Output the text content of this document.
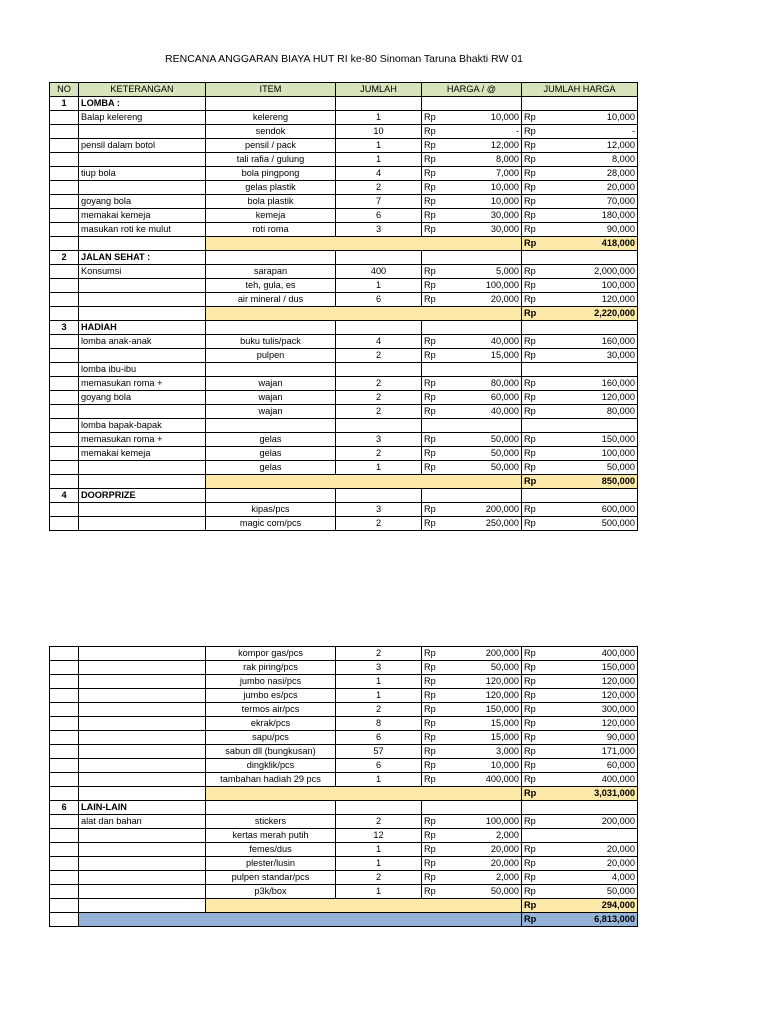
RENCANA ANGGARAN BIAYA HUT RI ke-80 Sinoman Taruna Bhakti RW 01
NO	KETERANGAN	ITEM	JUMLAH	HARGA / @		JUMLAH HARGA	
1	LOMBA :						
	Balap kelereng	kelereng	1	Rp	10,000	Rp	10,000
		sendok	10	Rp	-	Rp	-
	pensil dalam botol	pensil / pack	1	Rp	12,000	Rp	12,000
		tali rafia / gulung	1	Rp	8,000	Rp	8,000
	tiup bola	bola pingpong	4	Rp	7,000	Rp	28,000
		gelas plastik	2	Rp	10,000	Rp	20,000
	goyang bola	bola plastik	7	Rp	10,000	Rp	70,000
	memakai kemeja	kemeja	6	Rp	30,000	Rp	180,000
	masukan roti ke mulut	roti roma	3	Rp	30,000	Rp	90,000
						Rp	418,000
2	JALAN SEHAT :						
	Konsumsi	sarapan	400	Rp	5,000	Rp	2,000,000
		teh, gula, es	1	Rp	100,000	Rp	100,000
		air mineral / dus	6	Rp	20,000	Rp	120,000
						Rp	2,220,000
3	HADIAH						
	lomba anak-anak	buku tulis/pack	4	Rp	40,000	Rp	160,000
		pulpen	2	Rp	15,000	Rp	30,000
	lomba ibu-ibu						
	memasukan roma +	wajan	2	Rp	80,000	Rp	160,000
	goyang bola	wajan	2	Rp	60,000	Rp	120,000
		wajan	2	Rp	40,000	Rp	80,000
	lomba bapak-bapak						
	memasukan roma +	gelas	3	Rp	50,000	Rp	150,000
	memakai kemeja	gelas	2	Rp	50,000	Rp	100,000
		gelas	1	Rp	50,000	Rp	50,000
						Rp	850,000
4	DOORPRIZE						
		kipas/pcs	3	Rp	200,000	Rp	600,000
		magic com/pcs	2	Rp	250,000	Rp	500,000
		kompor gas/pcs	2	Rp	200,000	Rp	400,000
		rak piring/pcs	3	Rp	50,000	Rp	150,000
		jumbo nasi/pcs	1	Rp	120,000	Rp	120,000
		jumbo es/pcs	1	Rp	120,000	Rp	120,000
		termos air/pcs	2	Rp	150,000	Rp	300,000
		ekrak/pcs	8	Rp	15,000	Rp	120,000
		sapu/pcs	6	Rp	15,000	Rp	90,000
		sabun dll (bungkusan)	57	Rp	3,000	Rp	171,000
		dingklik/pcs	6	Rp	10,000	Rp	60,000
		tambahan hadiah 29 pcs	1	Rp	400,000	Rp	400,000
						Rp	3,031,000
6	LAIN-LAIN						
	alat dan bahan	stickers	2	Rp	100,000	Rp	200,000
		kertas merah putih	12	Rp	2,000		
		femes/dus	1	Rp	20,000	Rp	20,000
		plester/lusin	1	Rp	20,000	Rp	20,000
		pulpen standar/pcs	2	Rp	2,000	Rp	4,000
		p3k/box	1	Rp	50,000	Rp	50,000
						Rp	294,000
						Rp	6,813,000
